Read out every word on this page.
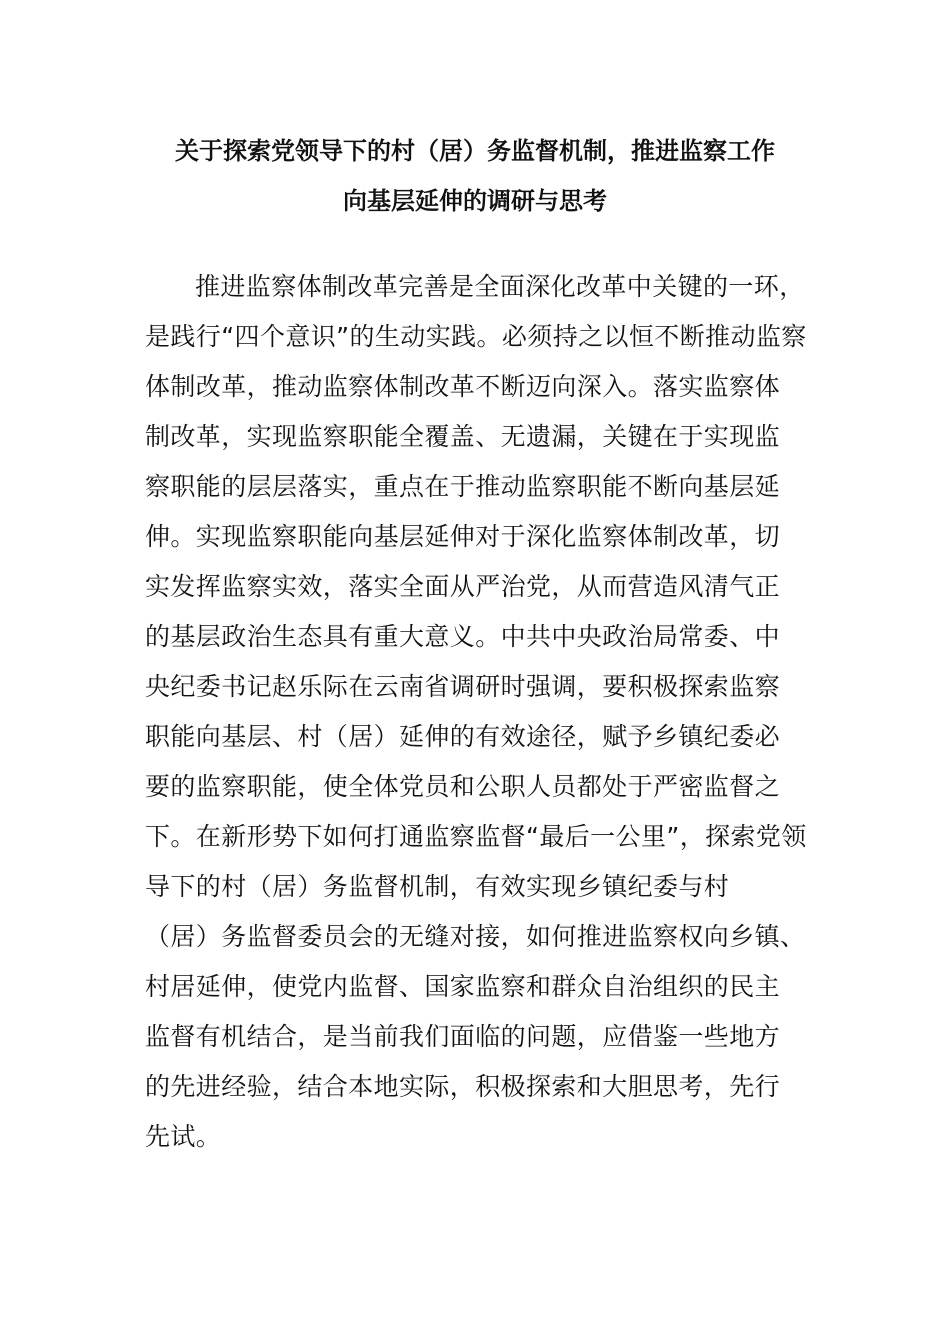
关于探索党领导下的村（居）务监督机制，推进监察工作
向基层延伸的调研与思考
推进监察体制改革完善是全面深化改革中关键的一环，
是践行“四个意识”的生动实践。必须持之以恒不断推动监察
体制改革，推动监察体制改革不断迈向深入。落实监察体
制改革，实现监察职能全覆盖、无遗漏，关键在于实现监
察职能的层层落实，重点在于推动监察职能不断向基层延
伸。实现监察职能向基层延伸对于深化监察体制改革，切
实发挥监察实效，落实全面从严治党，从而营造风清气正
的基层政治生态具有重大意义。中共中央政治局常委、中
央纪委书记赵乐际在云南省调研时强调，要积极探索监察
职能向基层、村（居）延伸的有效途径，赋予乡镇纪委必
要的监察职能，使全体党员和公职人员都处于严密监督之
下。在新形势下如何打通监察监督“最后一公里”，探索党领
导下的村（居）务监督机制，有效实现乡镇纪委与村
（居）务监督委员会的无缝对接，如何推进监察权向乡镇、
村居延伸，使党内监督、国家监察和群众自治组织的民主
监督有机结合，是当前我们面临的问题，应借鉴一些地方
的先进经验，结合本地实际，积极探索和大胆思考，先行
先试。
